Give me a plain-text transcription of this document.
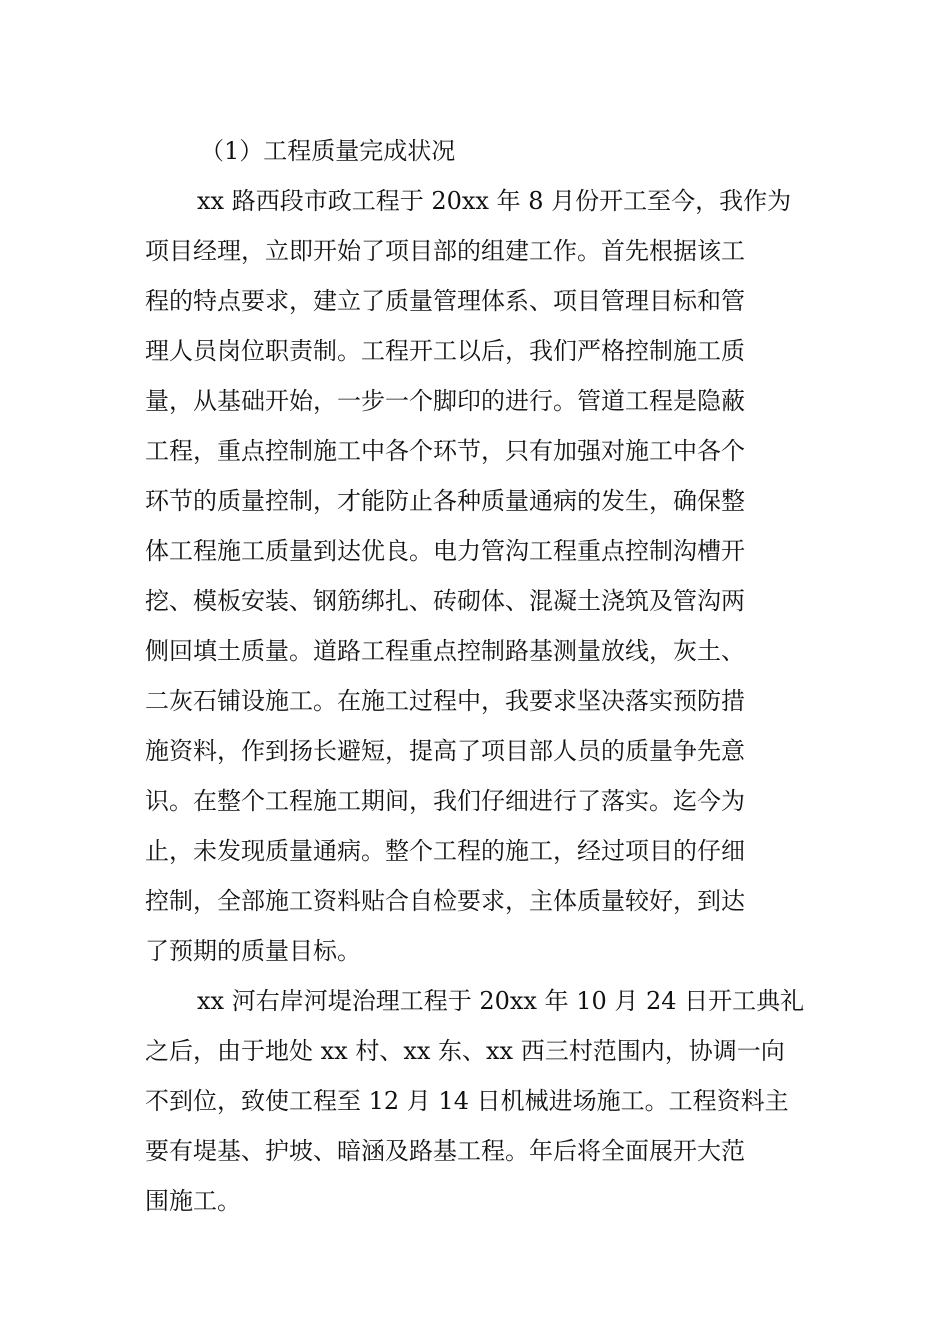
（1）工程质量完成状况
xx 路西段市政工程于 20xx 年 8 月份开工至今，我作为
项目经理，立即开始了项目部的组建工作。首先根据该工
程的特点要求，建立了质量管理体系、项目管理目标和管
理人员岗位职责制。工程开工以后，我们严格控制施工质
量，从基础开始，一步一个脚印的进行。管道工程是隐蔽
工程，重点控制施工中各个环节，只有加强对施工中各个
环节的质量控制，才能防止各种质量通病的发生，确保整
体工程施工质量到达优良。电力管沟工程重点控制沟槽开
挖、模板安装、钢筋绑扎、砖砌体、混凝土浇筑及管沟两
侧回填土质量。道路工程重点控制路基测量放线，灰土、
二灰石铺设施工。在施工过程中，我要求坚决落实预防措
施资料，作到扬长避短，提高了项目部人员的质量争先意
识。在整个工程施工期间，我们仔细进行了落实。迄今为
止，未发现质量通病。整个工程的施工，经过项目的仔细
控制，全部施工资料贴合自检要求，主体质量较好，到达
了预期的质量目标。
xx 河右岸河堤治理工程于 20xx 年 10 月 24 日开工典礼
之后，由于地处 xx 村、xx 东、xx 西三村范围内，协调一向
不到位，致使工程至 12 月 14 日机械进场施工。工程资料主
要有堤基、护坡、暗涵及路基工程。年后将全面展开大范
围施工。
